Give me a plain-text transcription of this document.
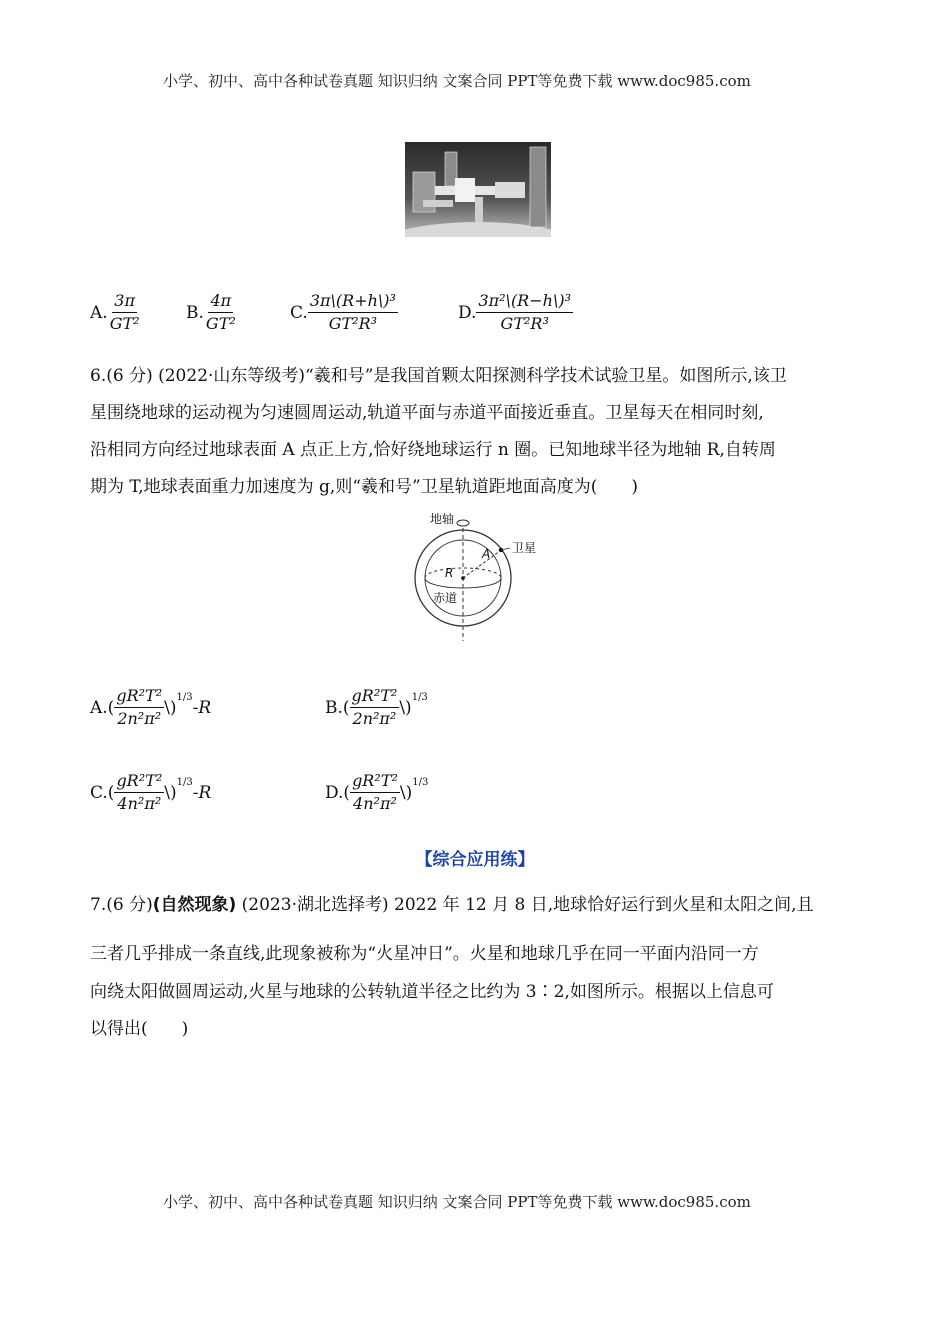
小学、初中、高中各种试卷真题 知识归纳 文案合同 PPT等免费下载 www.doc985.com
A. $\frac{3\pi}{\text{GT²}}$	B. $\frac{4\pi}{\text{GT²}}$	C. $\frac{\text{3π\textbackslash{}(R+h\textbackslash{})³}}{\text{GT²R³}}$	D. $\frac{\text{3π²\textbackslash{}(R−h\textbackslash{})³}}{\text{GT²R³}}$
6.(6 分) (2022·山东等级考)“羲和号”是我国首颗太阳探测科学技术试验卫星。如图所示,该卫
星围绕地球的运动视为匀速圆周运动,轨道平面与赤道平面接近垂直。卫星每天在相同时刻,
沿相同方向经过地球表面 A 点正上方,恰好绕地球运行 n 圈。已知地球半径为地轴 R,自转周
期为 T,地球表面重力加速度为 g,则“羲和号”卫星轨道距地面高度为(　　)
地轴
卫星
A
R
赤道
$A.( \frac{\text{gR²T²}}{\text{2n²π²}}$ \) 1/3 -R	$B.( \frac{\text{gR²T²}}{\text{2n²π²}}$ \) 1/3
$C.( \frac{\text{gR²T²}}{\text{4n²π²}}$ \) 1/3 -R	$D.( \frac{\text{gR²T²}}{\text{4n²π²}}$ \) 1/3
【综合应用练】
7.(6 分)(自然现象) (2023·湖北选择考) 2022 年 12 月 8 日,地球恰好运行到火星和太阳之间,且
三者几乎排成一条直线,此现象被称为“火星冲日”。火星和地球几乎在同一平面内沿同一方
向绕太阳做圆周运动,火星与地球的公转轨道半径之比约为 3∶2,如图所示。根据以上信息可
以得出(　　)
小学、初中、高中各种试卷真题 知识归纳 文案合同 PPT等免费下载 www.doc985.com
